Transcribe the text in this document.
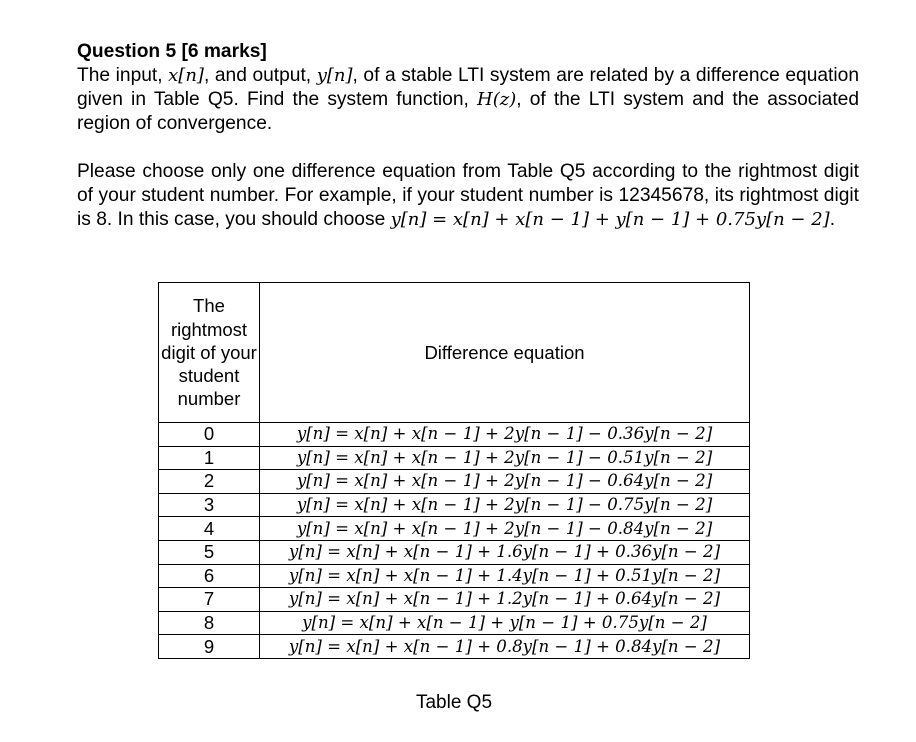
Question 5 [6 marks]

The input, x[n], and output, y[n], of a stable LTI system are related by a difference equation given in Table Q5. Find the system function, H(z), of the LTI system and the associated region of convergence.

Please choose only one difference equation from Table Q5 according to the rightmost digit of your student number. For example, if your student number is 12345678, its rightmost digit is 8. In this case, you should choose y[n] = x[n] + x[n − 1] + y[n − 1] + 0.75y[n − 2].

The rightmost digit of your student number	Difference equation
0	y[n] = x[n] + x[n − 1] + 2y[n − 1] − 0.36y[n − 2]
1	y[n] = x[n] + x[n − 1] + 2y[n − 1] − 0.51y[n − 2]
2	y[n] = x[n] + x[n − 1] + 2y[n − 1] − 0.64y[n − 2]
3	y[n] = x[n] + x[n − 1] + 2y[n − 1] − 0.75y[n − 2]
4	y[n] = x[n] + x[n − 1] + 2y[n − 1] − 0.84y[n − 2]
5	y[n] = x[n] + x[n − 1] + 1.6y[n − 1] + 0.36y[n − 2]
6	y[n] = x[n] + x[n − 1] + 1.4y[n − 1] + 0.51y[n − 2]
7	y[n] = x[n] + x[n − 1] + 1.2y[n − 1] + 0.64y[n − 2]
8	y[n] = x[n] + x[n − 1] + y[n − 1] + 0.75y[n − 2]
9	y[n] = x[n] + x[n − 1] + 0.8y[n − 1] + 0.84y[n − 2]
Table Q5
